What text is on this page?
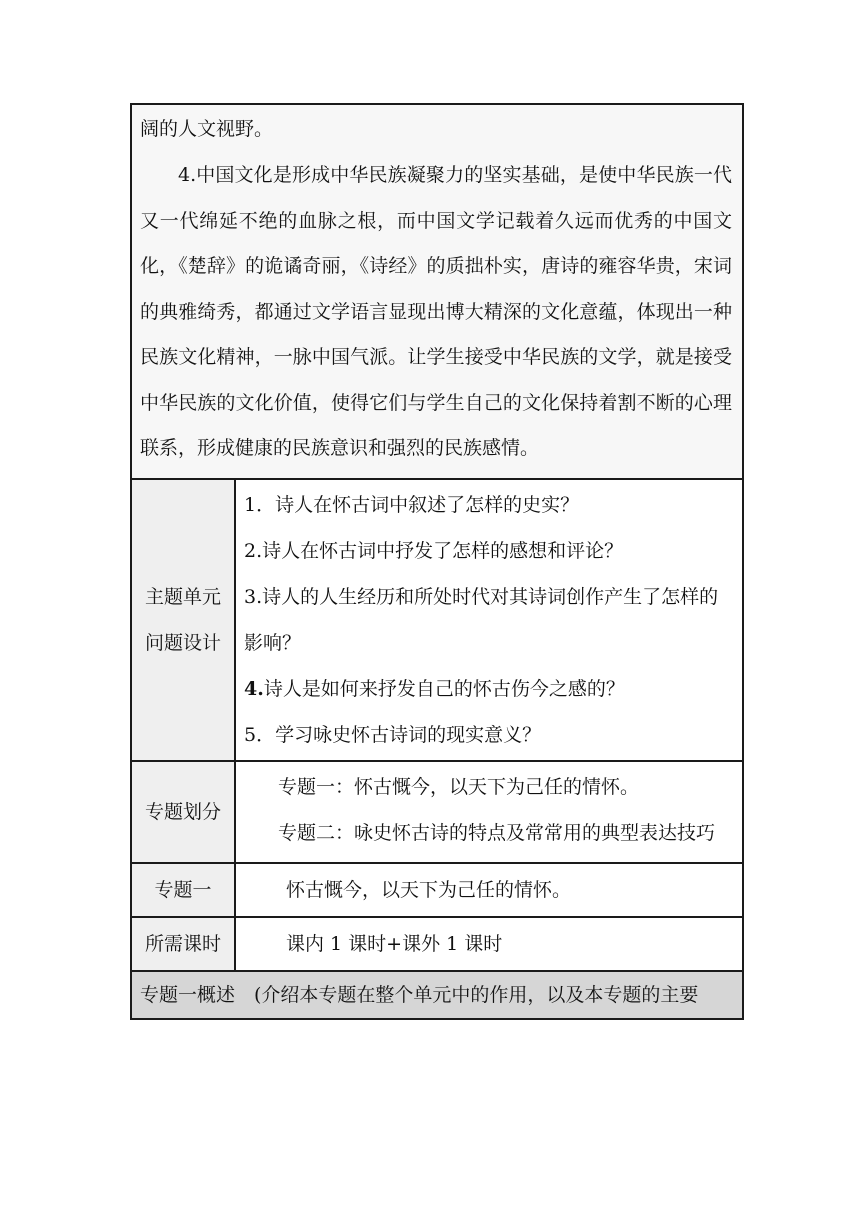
阔的人文视野。

4.中国文化是形成中华民族凝聚力的坚实基础，是使中华民族一代又一代绵延不绝的血脉之根，而中国文学记载着久远而优秀的中国文化，《楚辞》的诡谲奇丽，《诗经》的质拙朴实，唐诗的雍容华贵，宋词的典雅绮秀，都通过文学语言显现出博大精深的文化意蕴，体现出一种民族文化精神，一脉中国气派。让学生接受中华民族的文学，就是接受中华民族的文化价值，使得它们与学生自己的文化保持着割不断的心理联系，形成健康的民族意识和强烈的民族感情。	

主题单元问题设计	1．诗人在怀古词中叙述了怎样的史实？

2.诗人在怀古词中抒发了怎样的感想和评论？

3.诗人的人生经历和所处时代对其诗词创作产生了怎样的影响？

4.诗人是如何来抒发自己的怀古伤今之感的？

5．学习咏史怀古诗词的现实意义？

专题划分	专题一：怀古慨今，以天下为己任的情怀。

专题二：咏史怀古诗的特点及常常用的典型表达技巧

专题一	怀古慨今，以天下为己任的情怀。

所需课时	课内 1 课时+课外 1 课时

专题一概述　(介绍本专题在整个单元中的作用，以及本专题的主要	
